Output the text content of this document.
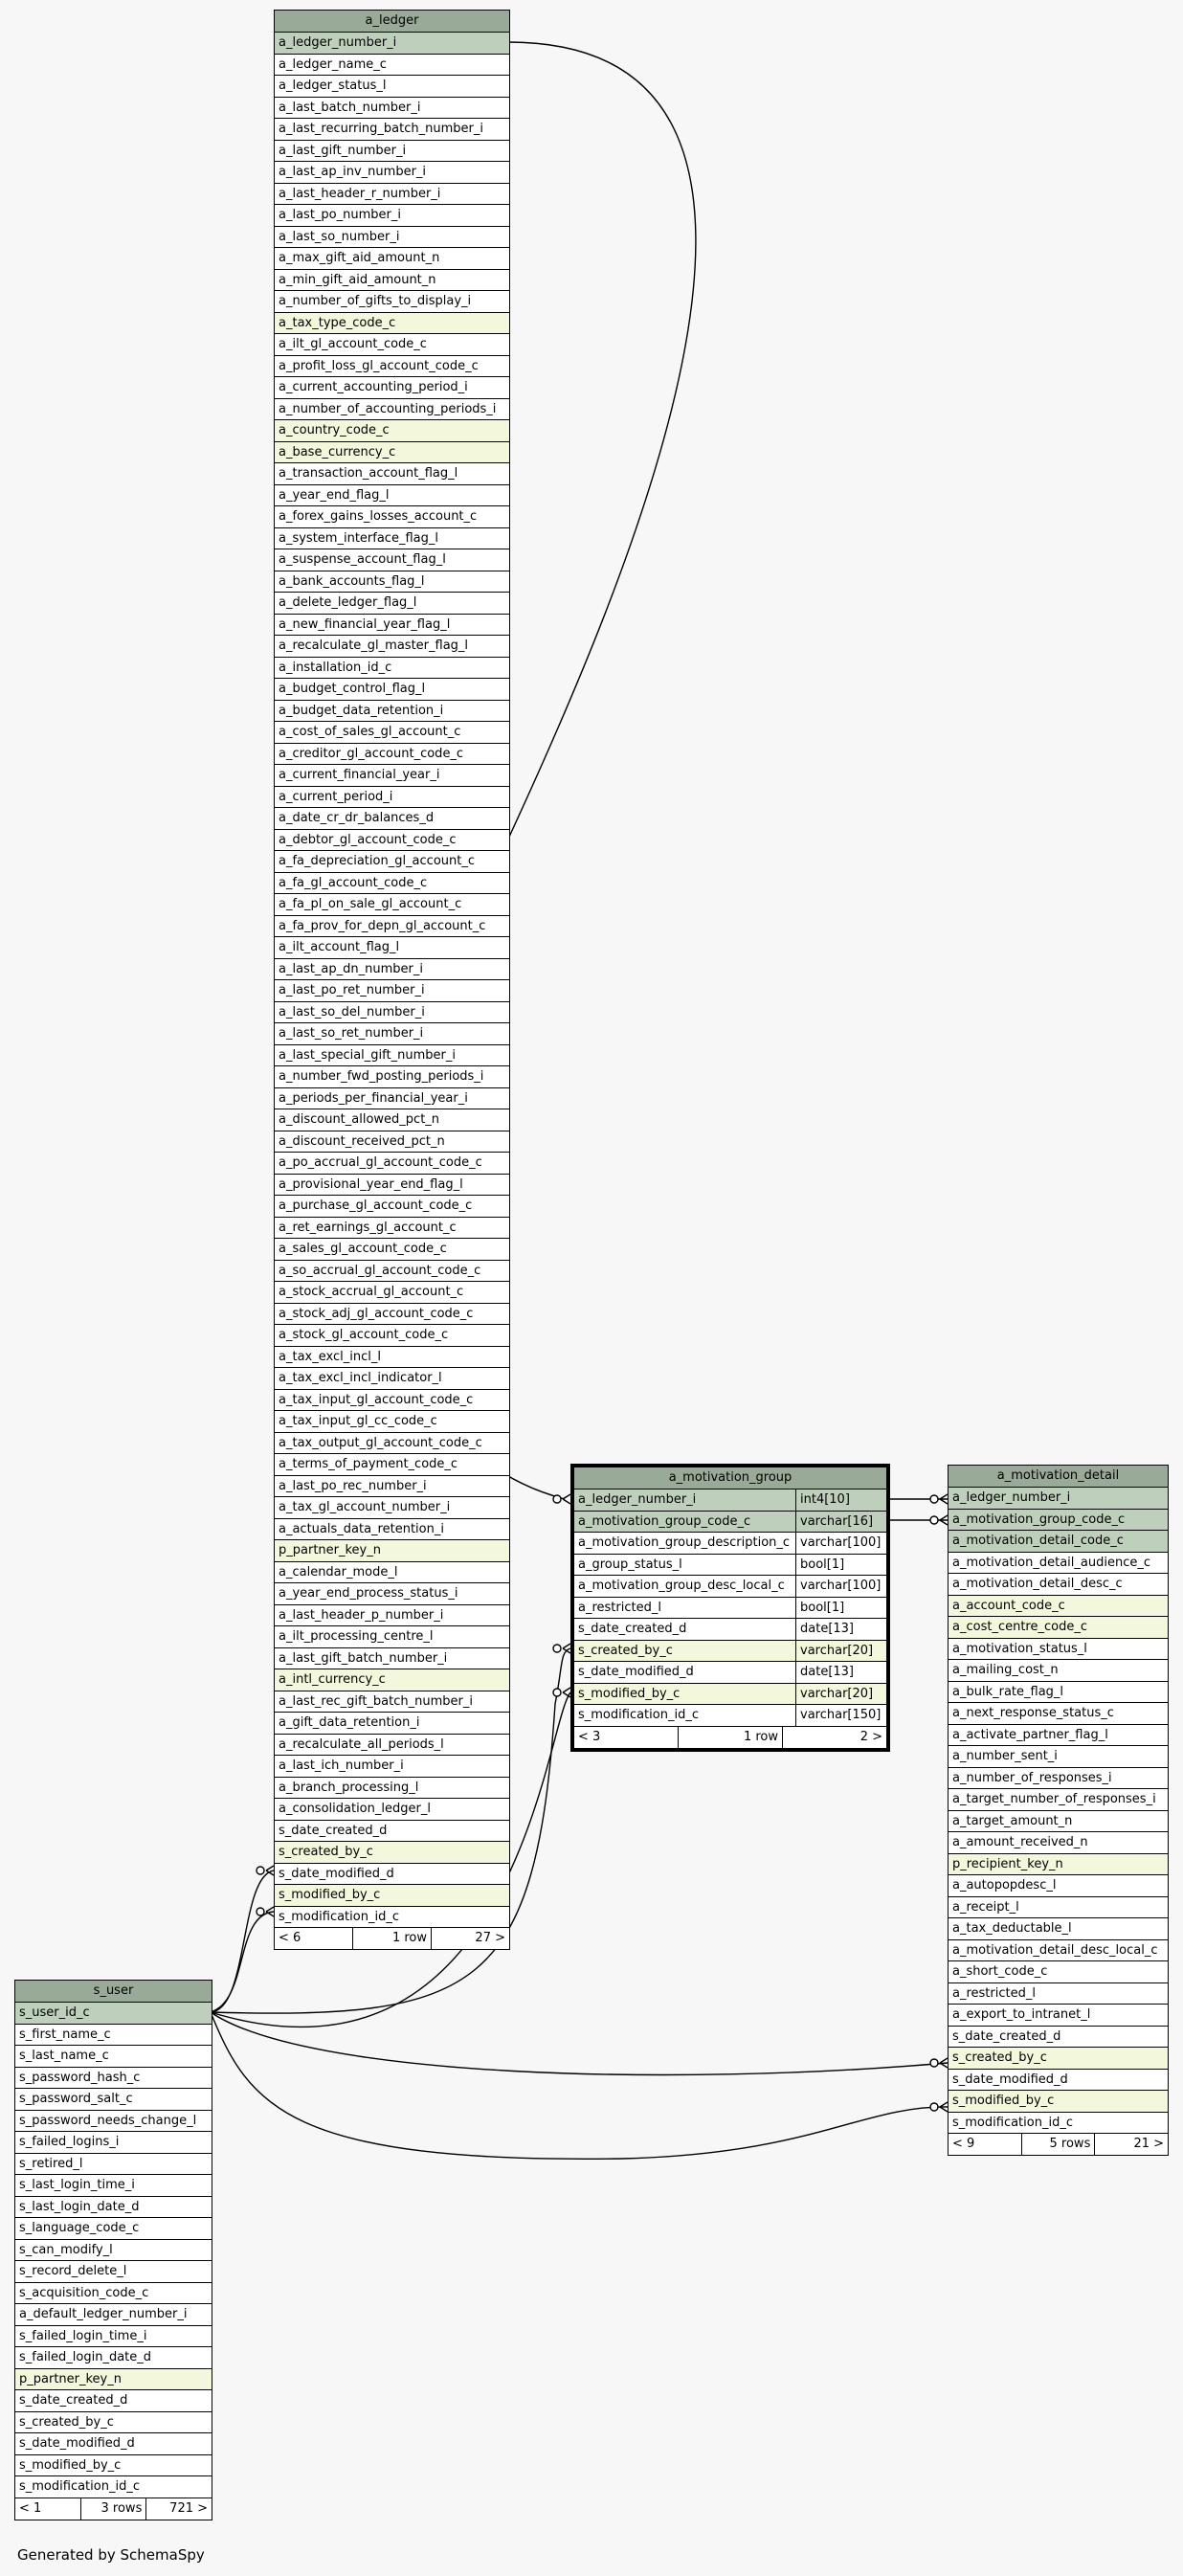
a_ledger
a_ledger_number_i
a_ledger_name_c
a_ledger_status_l
a_last_batch_number_i
a_last_recurring_batch_number_i
a_last_gift_number_i
a_last_ap_inv_number_i
a_last_header_r_number_i
a_last_po_number_i
a_last_so_number_i
a_max_gift_aid_amount_n
a_min_gift_aid_amount_n
a_number_of_gifts_to_display_i
a_tax_type_code_c
a_ilt_gl_account_code_c
a_profit_loss_gl_account_code_c
a_current_accounting_period_i
a_number_of_accounting_periods_i
a_country_code_c
a_base_currency_c
a_transaction_account_flag_l
a_year_end_flag_l
a_forex_gains_losses_account_c
a_system_interface_flag_l
a_suspense_account_flag_l
a_bank_accounts_flag_l
a_delete_ledger_flag_l
a_new_financial_year_flag_l
a_recalculate_gl_master_flag_l
a_installation_id_c
a_budget_control_flag_l
a_budget_data_retention_i
a_cost_of_sales_gl_account_c
a_creditor_gl_account_code_c
a_current_financial_year_i
a_current_period_i
a_date_cr_dr_balances_d
a_debtor_gl_account_code_c
a_fa_depreciation_gl_account_c
a_fa_gl_account_code_c
a_fa_pl_on_sale_gl_account_c
a_fa_prov_for_depn_gl_account_c
a_ilt_account_flag_l
a_last_ap_dn_number_i
a_last_po_ret_number_i
a_last_so_del_number_i
a_last_so_ret_number_i
a_last_special_gift_number_i
a_number_fwd_posting_periods_i
a_periods_per_financial_year_i
a_discount_allowed_pct_n
a_discount_received_pct_n
a_po_accrual_gl_account_code_c
a_provisional_year_end_flag_l
a_purchase_gl_account_code_c
a_ret_earnings_gl_account_c
a_sales_gl_account_code_c
a_so_accrual_gl_account_code_c
a_stock_accrual_gl_account_c
a_stock_adj_gl_account_code_c
a_stock_gl_account_code_c
a_tax_excl_incl_l
a_tax_excl_incl_indicator_l
a_tax_input_gl_account_code_c
a_tax_input_gl_cc_code_c
a_tax_output_gl_account_code_c
a_terms_of_payment_code_c
a_last_po_rec_number_i
a_tax_gl_account_number_i
a_actuals_data_retention_i
p_partner_key_n
a_calendar_mode_l
a_year_end_process_status_i
a_last_header_p_number_i
a_ilt_processing_centre_l
a_last_gift_batch_number_i
a_intl_currency_c
a_last_rec_gift_batch_number_i
a_gift_data_retention_i
a_recalculate_all_periods_l
a_last_ich_number_i
a_branch_processing_l
a_consolidation_ledger_l
s_date_created_d
s_created_by_c
s_date_modified_d
s_modified_by_c
s_modification_id_c
< 6	1 row	27 >
a_motivation_group
a_ledger_number_i	int4[10]
a_motivation_group_code_c	varchar[16]
a_motivation_group_description_c varchar[100]
a_group_status_l	bool[1]
a_motivation_group_desc_local_c	varchar[100]
a_restricted_l	bool[1]
s_date_created_d	date[13]
s_created_by_c	varchar[20]
s_date_modified_d	date[13]
s_modified_by_c	varchar[20]
s_modification_id_c	varchar[150]
< 3	1 row	2 >
a_motivation_detail
a_ledger_number_i
a_motivation_group_code_c
a_motivation_detail_code_c
a_motivation_detail_audience_c
a_motivation_detail_desc_c
a_account_code_c
a_cost_centre_code_c
a_motivation_status_l
a_mailing_cost_n
a_bulk_rate_flag_l
a_next_response_status_c
a_activate_partner_flag_l
a_number_sent_i
a_number_of_responses_i
a_target_number_of_responses_i
a_target_amount_n
a_amount_received_n
p_recipient_key_n
a_autopopdesc_l
a_receipt_l
a_tax_deductable_l
a_motivation_detail_desc_local_c
a_short_code_c
a_restricted_l
a_export_to_intranet_l
s_date_created_d
s_created_by_c
s_date_modified_d
s_modified_by_c
s_modification_id_c
< 9	5 rows	21 >
s_user
s_user_id_c
s_first_name_c
s_last_name_c
s_password_hash_c
s_password_salt_c
s_password_needs_change_l
s_failed_logins_i
s_retired_l
s_last_login_time_i
s_last_login_date_d
s_language_code_c
s_can_modify_l
s_record_delete_l
s_acquisition_code_c
a_default_ledger_number_i
s_failed_login_time_i
s_failed_login_date_d
p_partner_key_n
s_date_created_d
s_created_by_c
s_date_modified_d
s_modified_by_c
s_modification_id_c
< 1	3 rows	721 >
Generated by SchemaSpy
